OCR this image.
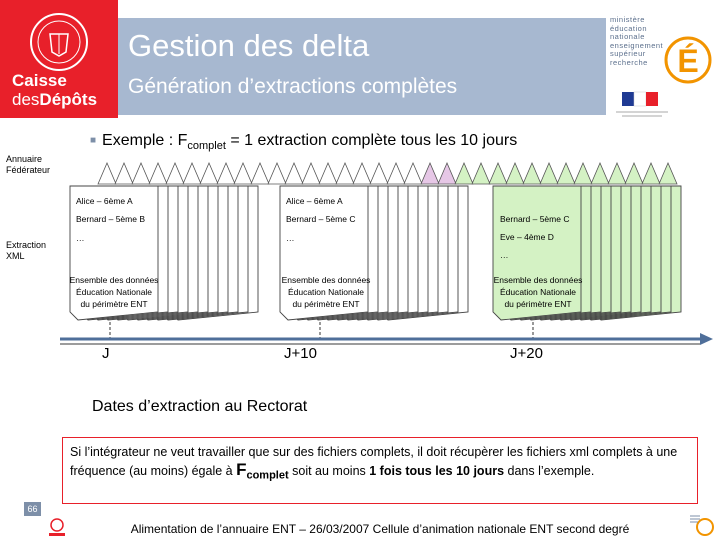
Caisse
desDépôts
Gestion des delta
Génération d’extractions complètes
ministère
éducation
nationale
enseignement
supérieur
recherche É
Annuaire
Fédérateur
Extraction
XML
■ Exemple : $F_{complet} = 1$ extraction complète tous les 10 jours
Alice – 6ème A
Bernard – 5ème B
…
Alice – 6ème A
Bernard – 5ème C
…
Bernard – 5ème C
Eve – 4ème D
…
Ensemble des données
Éducation Nationale
du périmètre ENT
Ensemble des données
Éducation Nationale
du périmètre ENT
Ensemble des données
Éducation Nationale
du périmètre ENT
J	J+10	J+20
Dates d’extraction au Rectorat
Si l’intégrateur ne veut travailler que sur des fichiers complets, il doit récupèrer les fichiers xml complets à une fréquence (au moins) égale à $F_{complet}$ soit au moins 1 fois tous les 10 jours dans l’exemple.
66
Alimentation de l’annuaire ENT – 26/03/2007 Cellule d’animation nationale ENT second degré
